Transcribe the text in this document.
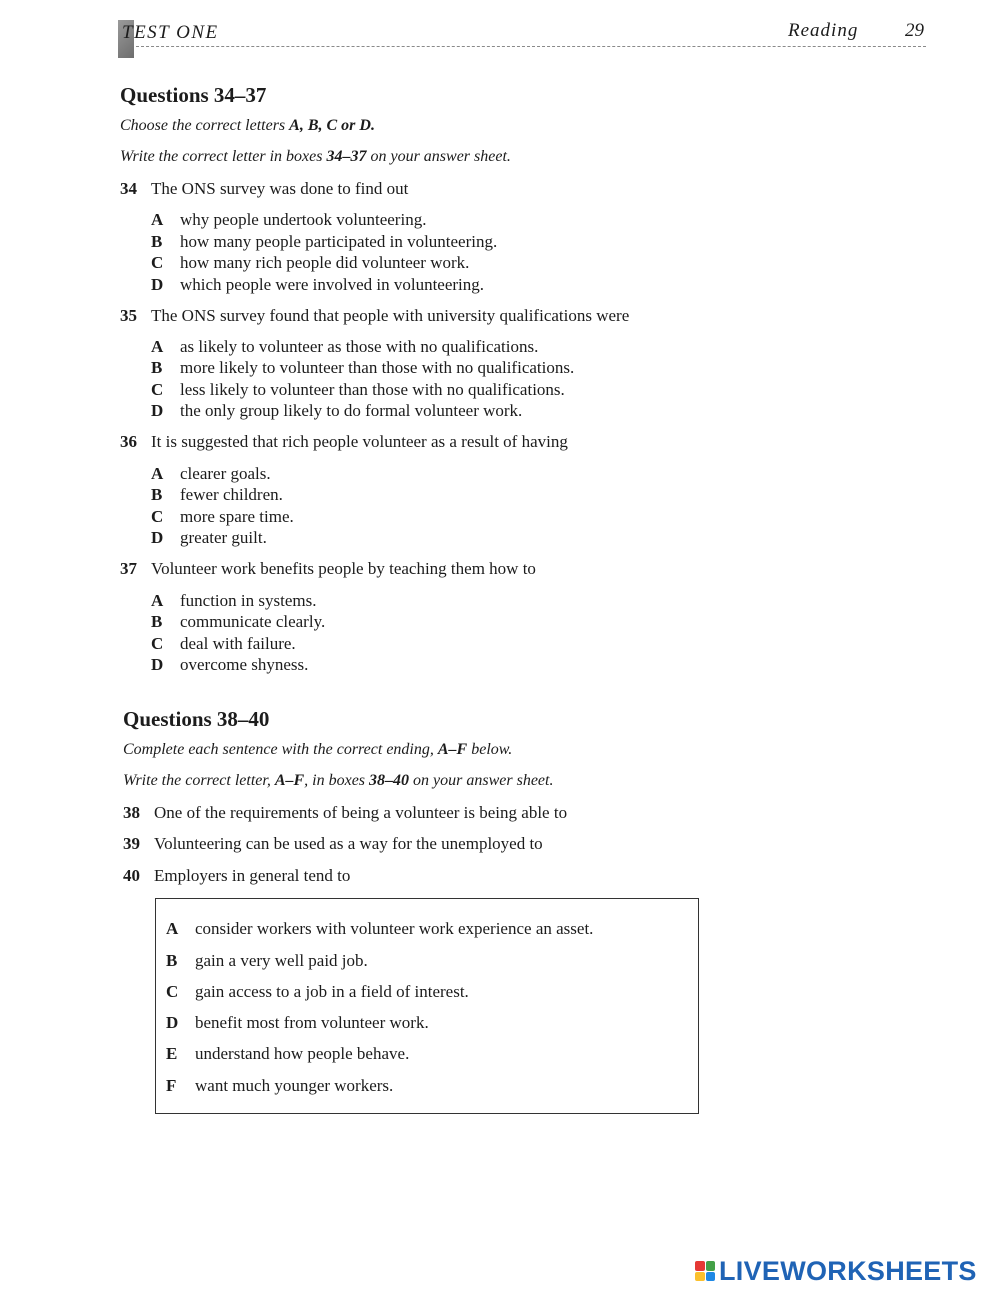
TEST ONE	Reading 29
Questions 34–37
Choose the correct letters A, B, C or D.
Write the correct letter in boxes 34–37 on your answer sheet.
34 The ONS survey was done to find out
A why people undertook volunteering.
B how many people participated in volunteering.
C how many rich people did volunteer work.
D which people were involved in volunteering.
35 The ONS survey found that people with university qualifications were
A as likely to volunteer as those with no qualifications.
B more likely to volunteer than those with no qualifications.
C less likely to volunteer than those with no qualifications.
D the only group likely to do formal volunteer work.
36 It is suggested that rich people volunteer as a result of having
A clearer goals.
B fewer children.
C more spare time.
D greater guilt.
37 Volunteer work benefits people by teaching them how to
A function in systems.
B communicate clearly.
C deal with failure.
D overcome shyness.
Questions 38–40
Complete each sentence with the correct ending, A–F below.
Write the correct letter, A–F, in boxes 38–40 on your answer sheet.
38 One of the requirements of being a volunteer is being able to
39 Volunteering can be used as a way for the unemployed to
40 Employers in general tend to
A consider workers with volunteer work experience an asset.
B gain a very well paid job.
C gain access to a job in a field of interest.
D benefit most from volunteer work.
E understand how people behave.
F want much younger workers.
LIVEWORKSHEETS
